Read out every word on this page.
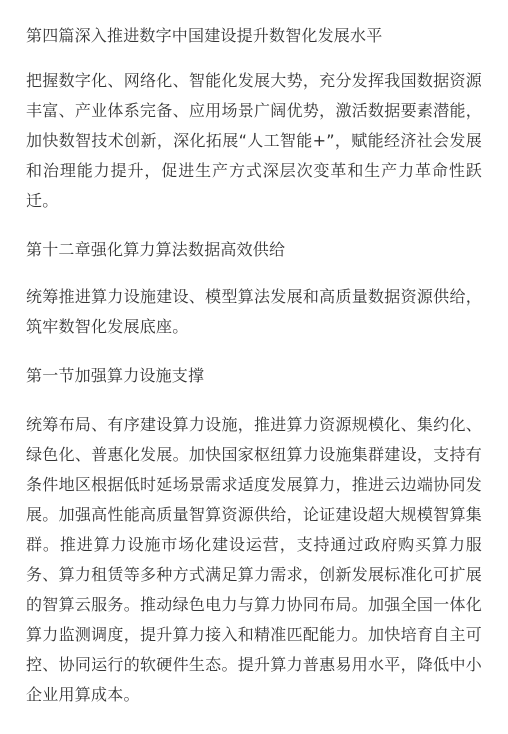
第四篇深入推进数字中国建设提升数智化发展水平

把握数字化、网络化、智能化发展大势，充分发挥我国数据资源丰富、产业体系完备、应用场景广阔优势，激活数据要素潜能，加快数智技术创新，深化拓展“人工智能+”，赋能经济社会发展和治理能力提升，促进生产方式深层次变革和生产力革命性跃迁。

第十二章强化算力算法数据高效供给

统筹推进算力设施建设、模型算法发展和高质量数据资源供给，筑牢数智化发展底座。

第一节加强算力设施支撑

统筹布局、有序建设算力设施，推进算力资源规模化、集约化、绿色化、普惠化发展。加快国家枢纽算力设施集群建设，支持有条件地区根据低时延场景需求适度发展算力，推进云边端协同发展。加强高性能高质量智算资源供给，论证建设超大规模智算集群。推进算力设施市场化建设运营，支持通过政府购买算力服务、算力租赁等多种方式满足算力需求，创新发展标准化可扩展的智算云服务。推动绿色电力与算力协同布局。加强全国一体化算力监测调度，提升算力接入和精准匹配能力。加快培育自主可控、协同运行的软硬件生态。提升算力普惠易用水平，降低中小企业用算成本。
